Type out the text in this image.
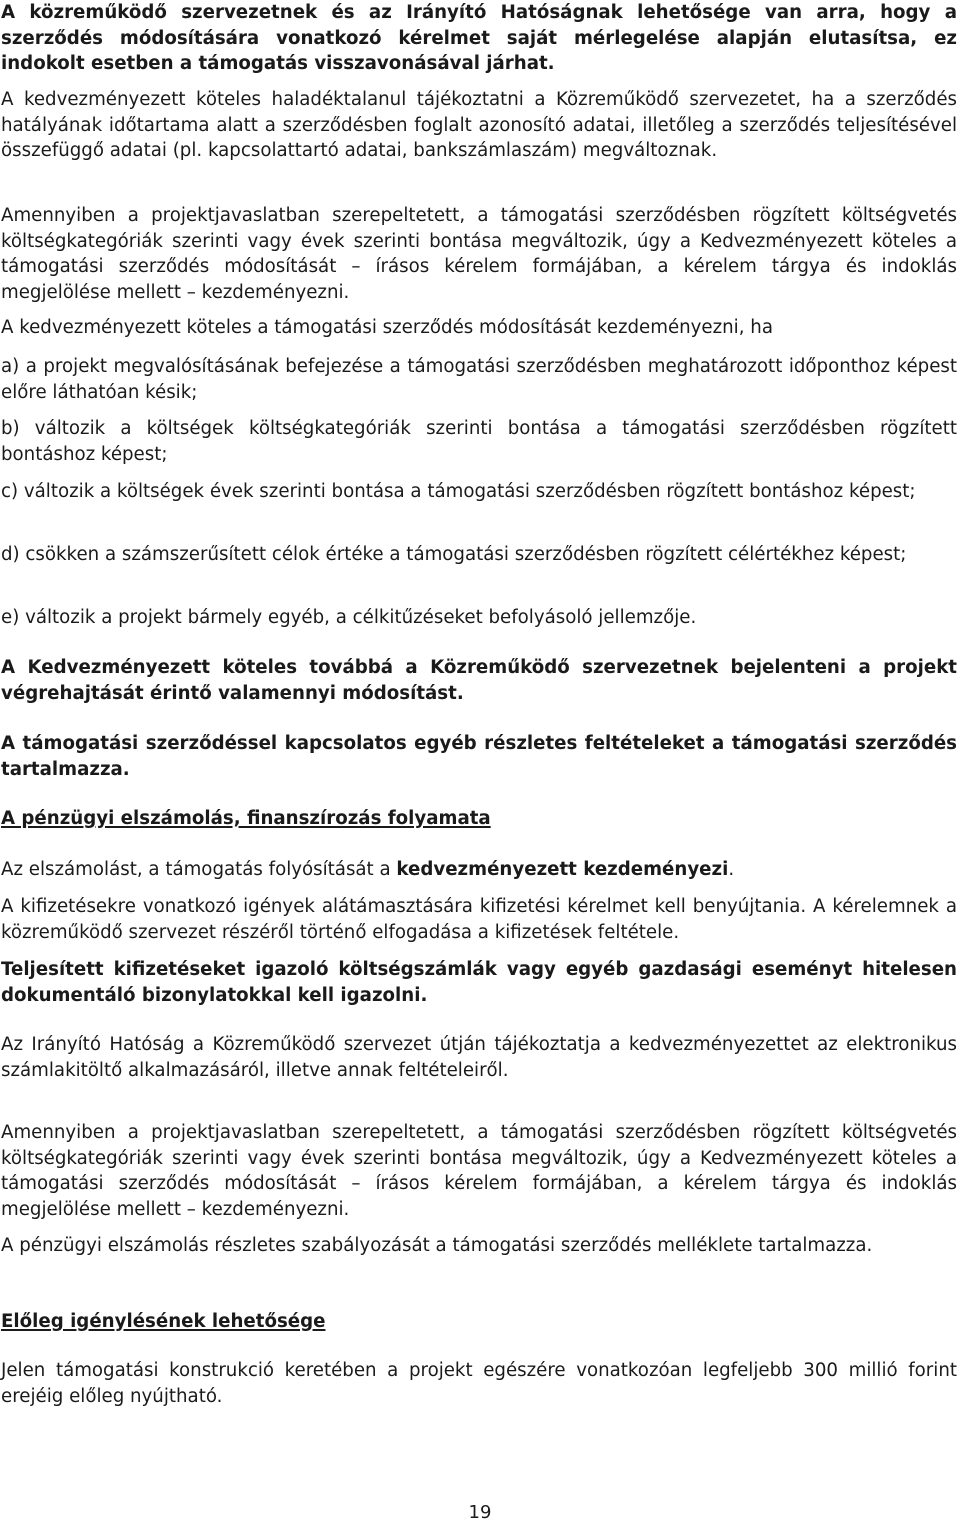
A közreműködő szervezetnek és az Irányító Hatóságnak lehetősége van arra, hogy a szerződés módosítására vonatkozó kérelmet saját mérlegelése alapján elutasítsa, ez indokolt esetben a támogatás visszavonásával járhat.

A kedvezményezett köteles haladéktalanul tájékoztatni a Közreműködő szervezetet, ha a szerződés hatályának időtartama alatt a szerződésben foglalt azonosító adatai, illetőleg a szerződés teljesítésével összefüggő adatai (pl. kapcsolattartó adatai, bankszámlaszám) megváltoznak.

Amennyiben a projektjavaslatban szerepeltetett, a támogatási szerződésben rögzített költségvetés költségkategóriák szerinti vagy évek szerinti bontása megváltozik, úgy a Kedvezményezett köteles a támogatási szerződés módosítását – írásos kérelem formájában, a kérelem tárgya és indoklás megjelölése mellett – kezdeményezni.

A kedvezményezett köteles a támogatási szerződés módosítását kezdeményezni, ha

a) a projekt megvalósításának befejezése a támogatási szerződésben meghatározott időponthoz képest előre láthatóan késik;

b) változik a költségek költségkategóriák szerinti bontása a támogatási szerződésben rögzített bontáshoz képest;

c) változik a költségek évek szerinti bontása a támogatási szerződésben rögzített bontáshoz képest;

d) csökken a számszerűsített célok értéke a támogatási szerződésben rögzített célértékhez képest;

e) változik a projekt bármely egyéb, a célkitűzéseket befolyásoló jellemzője.

A Kedvezményezett köteles továbbá a Közreműködő szervezetnek bejelenteni a projekt végrehajtását érintő valamennyi módosítást.

A támogatási szerződéssel kapcsolatos egyéb részletes feltételeket a támogatási szerződés tartalmazza.

A pénzügyi elszámolás, finanszírozás folyamata

Az elszámolást, a támogatás folyósítását a kedvezményezett kezdeményezi.

A kifizetésekre vonatkozó igények alátámasztására kifizetési kérelmet kell benyújtania. A kérelemnek a közreműködő szervezet részéről történő elfogadása a kifizetések feltétele.

Teljesített kifizetéseket igazoló költségszámlák vagy egyéb gazdasági eseményt hitelesen dokumentáló bizonylatokkal kell igazolni.

Az Irányító Hatóság a Közreműködő szervezet útján tájékoztatja a kedvezményezettet az elektronikus számlakitöltő alkalmazásáról, illetve annak feltételeiről.

Amennyiben a projektjavaslatban szerepeltetett, a támogatási szerződésben rögzített költségvetés költségkategóriák szerinti vagy évek szerinti bontása megváltozik, úgy a Kedvezményezett köteles a támogatási szerződés módosítását – írásos kérelem formájában, a kérelem tárgya és indoklás megjelölése mellett – kezdeményezni.

A pénzügyi elszámolás részletes szabályozását a támogatási szerződés melléklete tartalmazza.

Előleg igénylésének lehetősége

Jelen támogatási konstrukció keretében a projekt egészére vonatkozóan legfeljebb 300 millió forint erejéig előleg nyújtható.

19
